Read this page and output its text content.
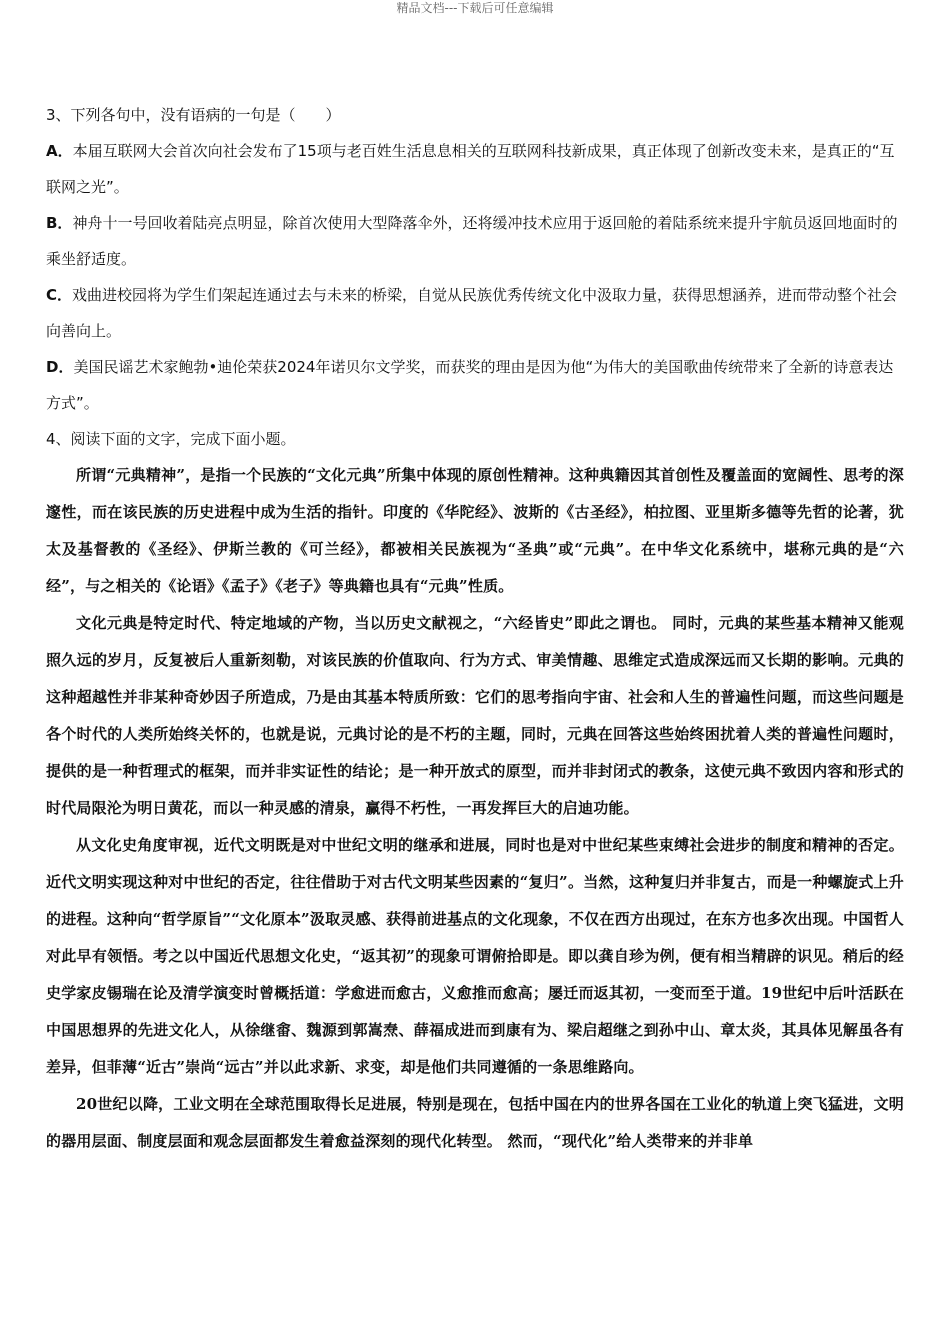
精品文档---下载后可任意编辑

3、下列各句中，没有语病的一句是（　　）

A．本届互联网大会首次向社会发布了15项与老百姓生活息息相关的互联网科技新成果，真正体现了创新改变未来，是真正的“互联网之光”。

B．神舟十一号回收着陆亮点明显，除首次使用大型降落伞外，还将缓冲技术应用于返回舱的着陆系统来提升宇航员返回地面时的乘坐舒适度。

C．戏曲进校园将为学生们架起连通过去与未来的桥梁，自觉从民族优秀传统文化中汲取力量，获得思想涵养，进而带动整个社会向善向上。

D．美国民谣艺术家鲍勃•迪伦荣获2024年诺贝尔文学奖，而获奖的理由是因为他“为伟大的美国歌曲传统带来了全新的诗意表达方式”。

4、阅读下面的文字，完成下面小题。

所谓“元典精神”，是指一个民族的“文化元典”所集中体现的原创性精神。这种典籍因其首创性及覆盖面的宽阔性、思考的深邃性，而在该民族的历史进程中成为生活的指针。印度的《华陀经》、波斯的《古圣经》，柏拉图、亚里斯多德等先哲的论著，犹太及基督教的《圣经》、伊斯兰教的《可兰经》，都被相关民族视为“圣典”或“元典”。在中华文化系统中，堪称元典的是“六经”，与之相关的《论语》《孟子》《老子》等典籍也具有“元典”性质。

文化元典是特定时代、特定地域的产物，当以历史文献视之，“六经皆史”即此之谓也。 同时，元典的某些基本精神又能观照久远的岁月，反复被后人重新刻勒，对该民族的价值取向、行为方式、审美情趣、思维定式造成深远而又长期的影响。元典的这种超越性并非某种奇妙因子所造成，乃是由其基本特质所致：它们的思考指向宇宙、社会和人生的普遍性问题，而这些问题是各个时代的人类所始终关怀的，也就是说，元典讨论的是不朽的主题，同时，元典在回答这些始终困扰着人类的普遍性问题时，提供的是一种哲理式的框架，而并非实证性的结论；是一种开放式的原型，而并非封闭式的教条，这使元典不致因内容和形式的时代局限沦为明日黄花，而以一种灵感的清泉，赢得不朽性，一再发挥巨大的启迪功能。

从文化史角度审视，近代文明既是对中世纪文明的继承和进展，同时也是对中世纪某些束缚社会进步的制度和精神的否定。 近代文明实现这种对中世纪的否定，往往借助于对古代文明某些因素的“复归”。当然，这种复归并非复古，而是一种螺旋式上升的进程。这种向“哲学原旨”“文化原本”汲取灵感、获得前进基点的文化现象，不仅在西方出现过，在东方也多次出现。中国哲人对此早有领悟。考之以中国近代思想文化史，“返其初”的现象可谓俯拾即是。即以龚自珍为例，便有相当精辟的识见。稍后的经史学家皮锡瑞在论及清学演变时曾概括道：学愈进而愈古，义愈推而愈高；屡迁而返其初，一变而至于道。19世纪中后叶活跃在中国思想界的先进文化人，从徐继畬、魏源到郭嵩焘、薛福成进而到康有为、梁启超继之到孙中山、章太炎，其具体见解虽各有差异，但菲薄“近古”崇尚“远古”并以此求新、求变，却是他们共同遵循的一条思维路向。

20世纪以降，工业文明在全球范围取得长足进展，特别是现在，包括中国在内的世界各国在工业化的轨道上突飞猛进，文明的器用层面、制度层面和观念层面都发生着愈益深刻的现代化转型。 然而，“现代化”给人类带来的并非单
